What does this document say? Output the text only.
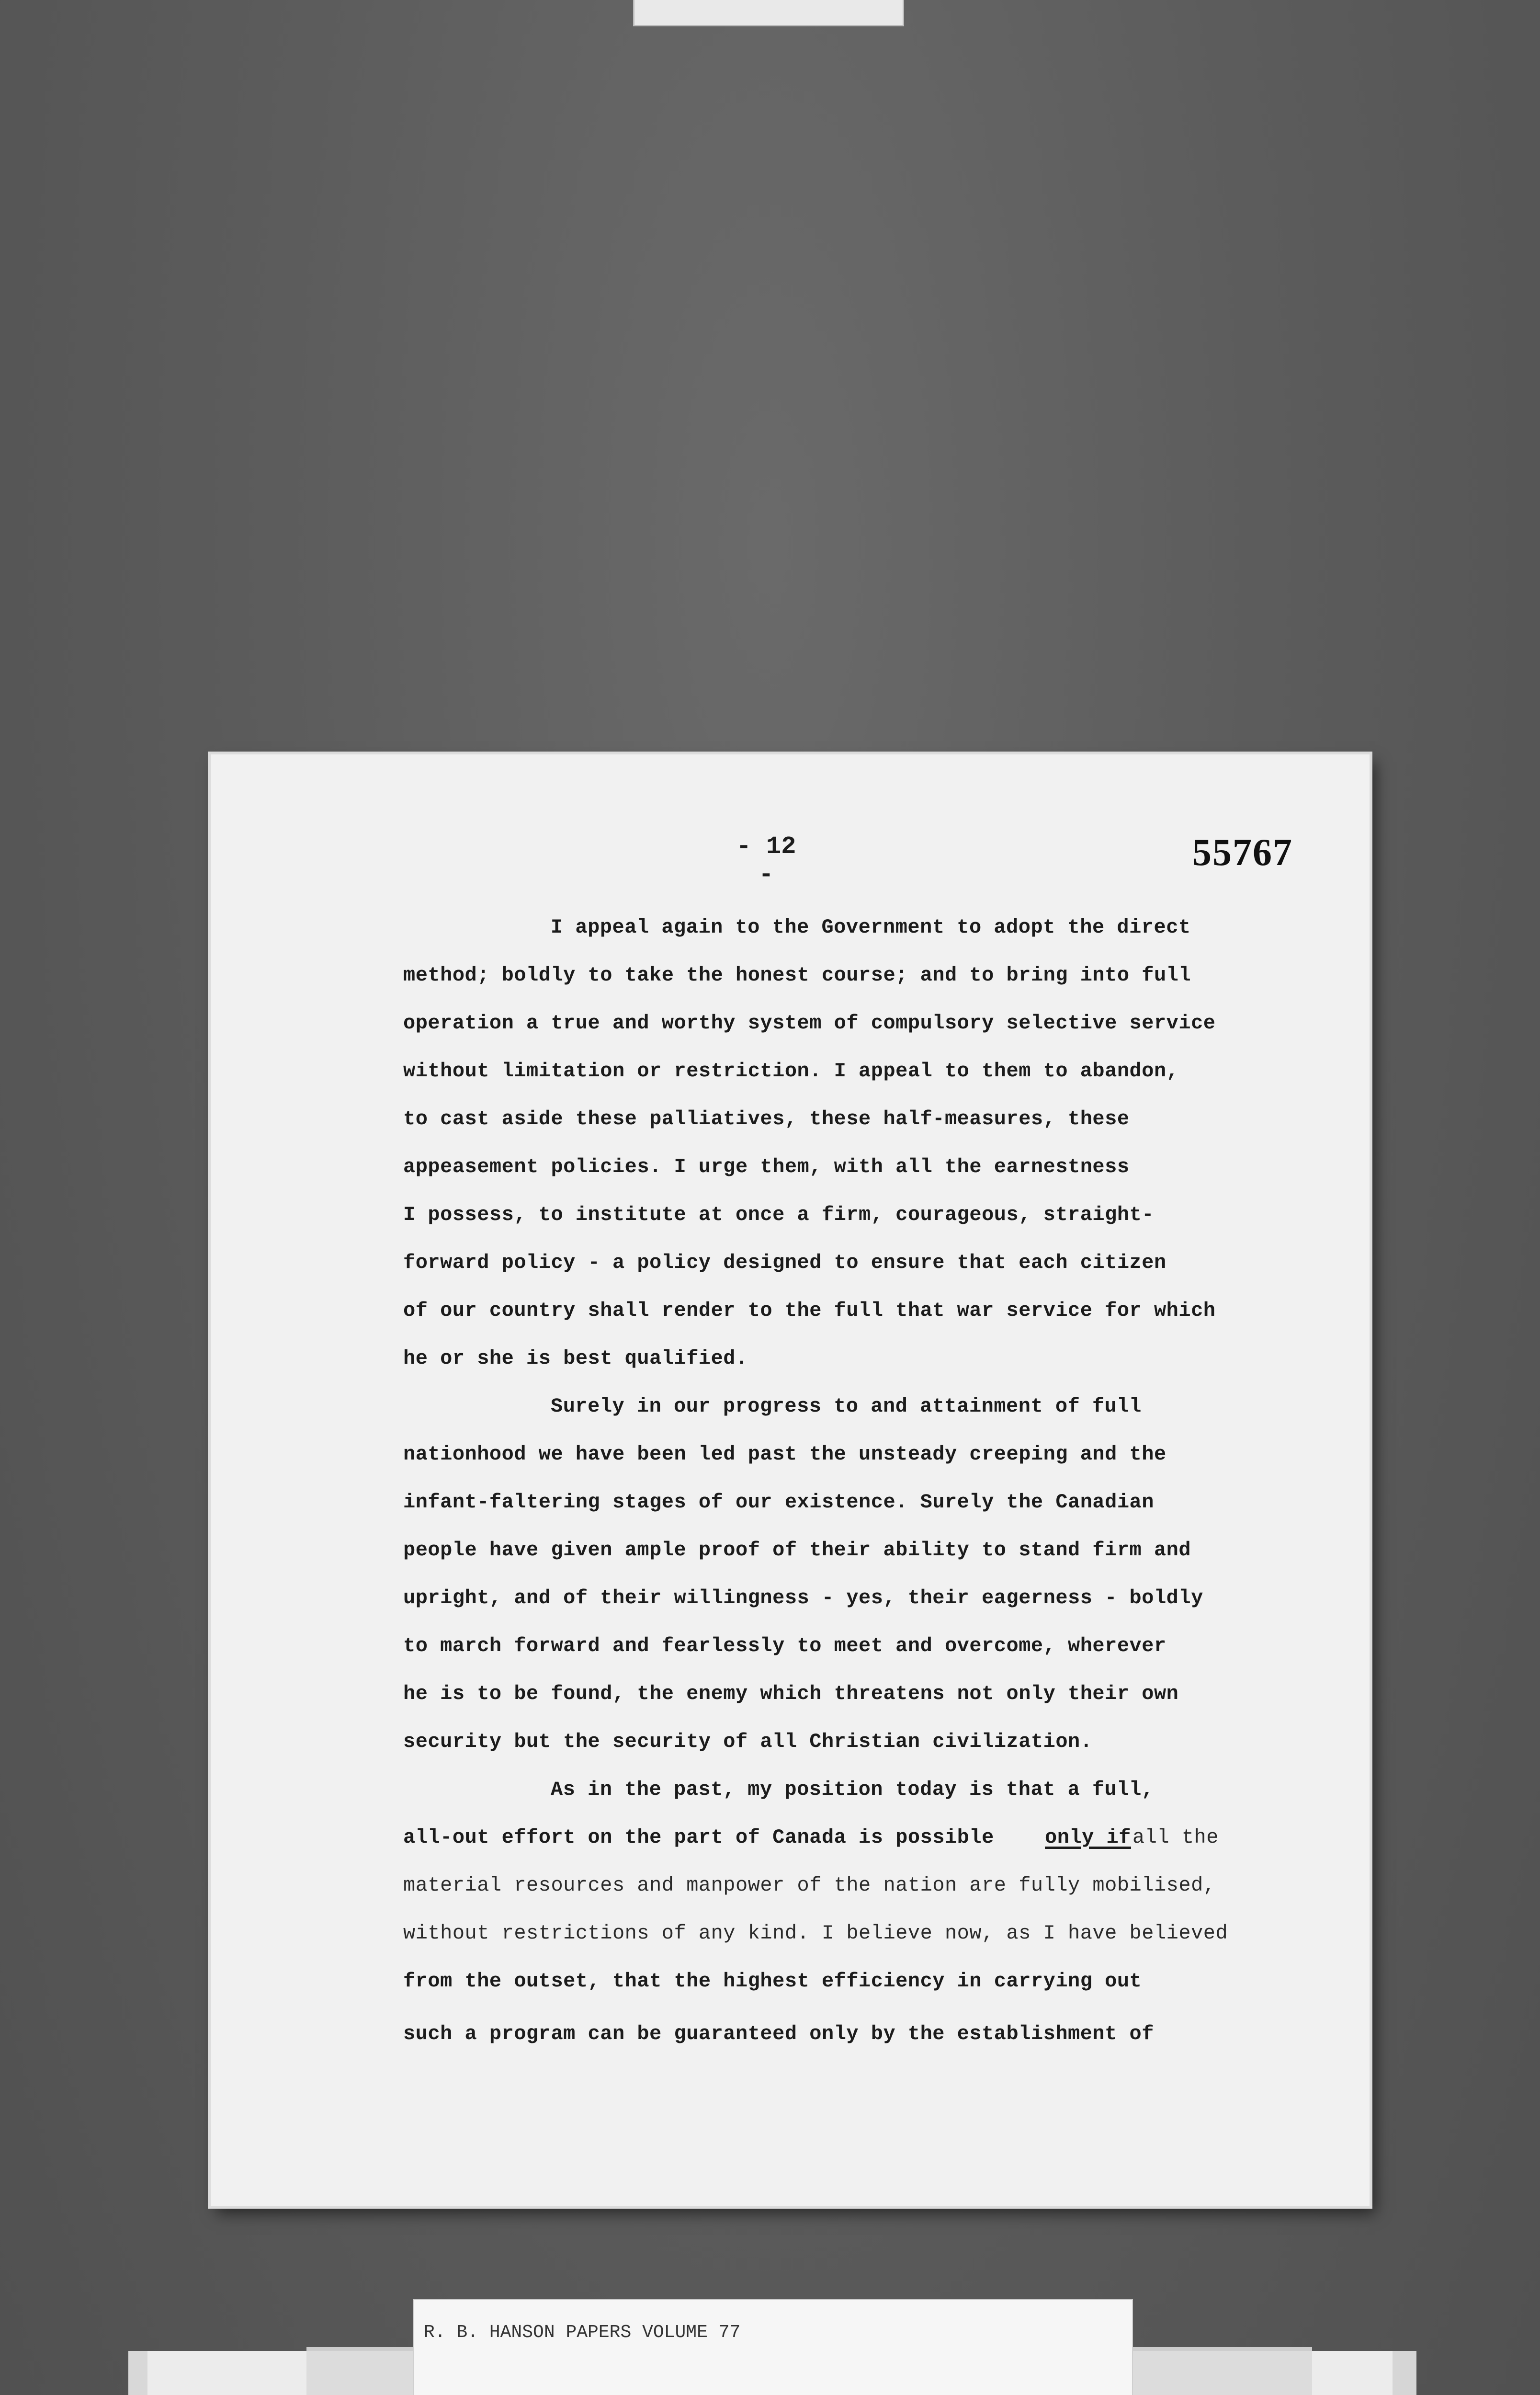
- 12 -
55767
I appeal again to the Government to adopt the direct
method; boldly to take the honest course; and to bring into full
operation a true and worthy system of compulsory selective service
without limitation or restriction. I appeal to them to abandon,
to cast aside these palliatives, these half-measures, these
appeasement policies. I urge them, with all the earnestness
I possess, to institute at once a firm, courageous, straight-
forward policy - a policy designed to ensure that each citizen
of our country shall render to the full that war service for which
he or she is best qualified.
Surely in our progress to and attainment of full
nationhood we have been led past the unsteady creeping and the
infant-faltering stages of our existence. Surely the Canadian
people have given ample proof of their ability to stand firm and
upright, and of their willingness - yes, their eagerness - boldly
to march forward and fearlessly to meet and overcome, wherever
he is to be found, the enemy which threatens not only their own
security but the security of all Christian civilization.
As in the past, my position today is that a full,
all-out effort on the part of Canada is possible	only if all the
material resources and manpower of the nation are fully mobilised,
without restrictions of any kind. I believe now, as I have believed
from the outset, that the highest efficiency in carrying out
such a program can be guaranteed only by the establishment of
R. B. HANSON PAPERS VOLUME 77
